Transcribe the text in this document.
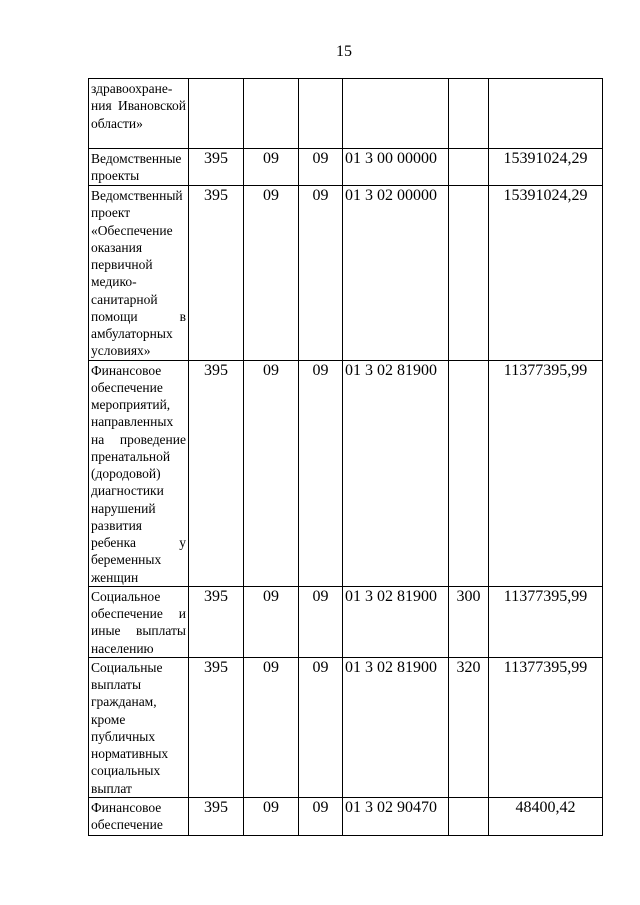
15
здравоохране-ния Ивановской области»						
Ведомственные проекты	395	09	09	01 3 00 00000		15391024,29
Ведомственный проект «Обеспечение оказания первичной медико-санитарной помощи в амбулаторных условиях»	395	09	09	01 3 02 00000		15391024,29
Финансовое обеспечение мероприятий, направленных на проведение пренатальной (дородовой) диагностики нарушений развития ребенка у беременных женщин	395	09	09	01 3 02 81900		11377395,99
Социальное обеспечение и иные выплаты населению	395	09	09	01 3 02 81900	300	11377395,99
Социальные выплаты гражданам, кроме публичных нормативных социальных выплат	395	09	09	01 3 02 81900	320	11377395,99
Финансовое обеспечение	395	09	09	01 3 02 90470		48400,42
